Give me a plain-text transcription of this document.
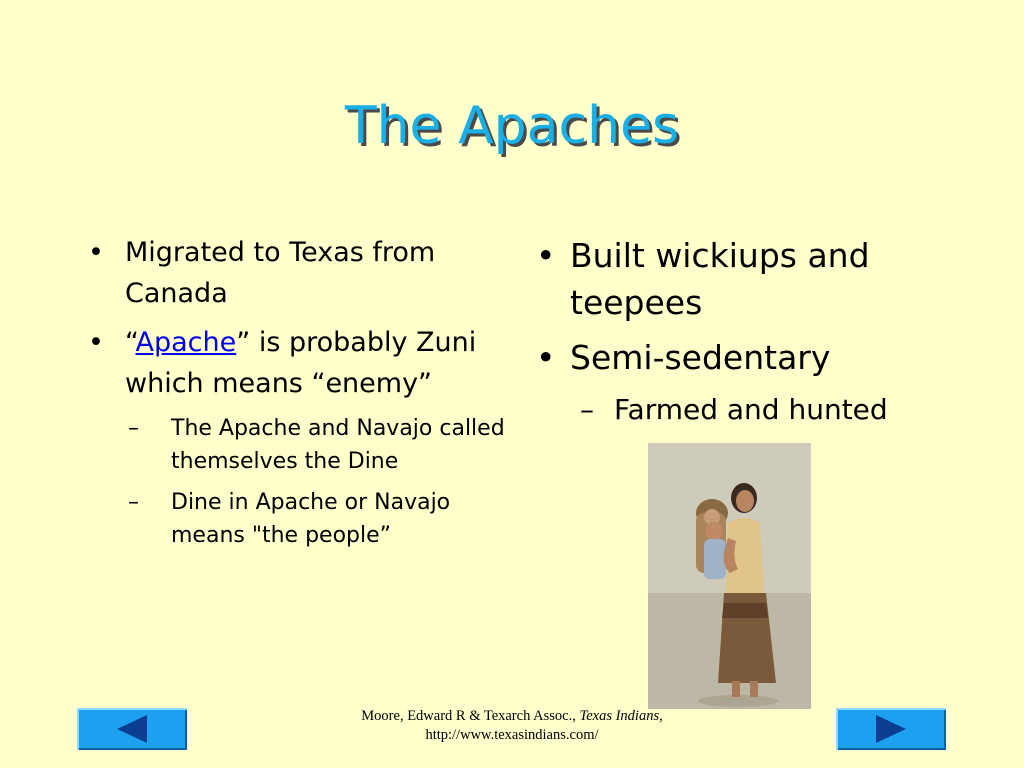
The Apaches
• Migrated to Texas from Canada
• “Apache” is probably Zuni which means “enemy”
–	The Apache and Navajo called themselves the Dine
–	Dine in Apache or Navajo means "the people”
• Built wickiups and teepees
• Semi-sedentary
– Farmed and hunted
Moore, Edward R & Texarch Assoc., Texas Indians, http://www.texasindians.com/
